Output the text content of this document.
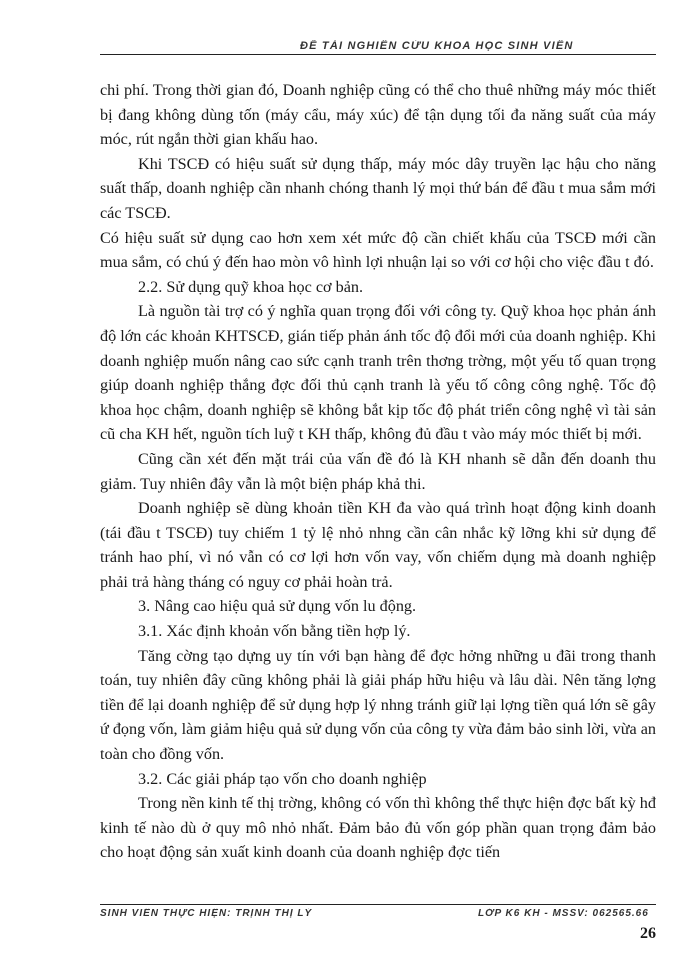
ĐỀ TÀI NGHIÊN CỨU KHOA HỌC SINH VIÊN

chi phí. Trong thời gian đó, Doanh nghiệp cũng có thể cho thuê những máy móc thiết bị đang không dùng tốn (máy cẩu, máy xúc) để tận dụng tối đa năng suất của máy móc, rút ngắn thời gian khấu hao.

Khi TSCĐ có hiệu suất sử dụng thấp, máy móc dây truyền lạc hậu cho năng suất thấp, doanh nghiệp cần nhanh chóng thanh lý mọi thứ bán để đầu t mua sắm mới các TSCĐ.

Có hiệu suất sử dụng cao hơn xem xét mức độ cần chiết khấu của TSCĐ mới cần mua sắm, có chú ý đến hao mòn vô hình lợi nhuận lại so với cơ hội cho việc đầu t đó.

2.2. Sử dụng quỹ khoa học cơ bản.

Là nguồn tài trợ có ý nghĩa quan trọng đối với công ty. Quỹ khoa học phản ánh độ lớn các khoản KHTSCĐ, gián tiếp phản ánh tốc độ đổi mới của doanh nghiệp. Khi doanh nghiệp muốn nâng cao sức cạnh tranh trên thơng trờng, một yếu tố quan trọng giúp doanh nghiệp thắng đợc đối thủ cạnh tranh là yếu tố công công nghệ. Tốc độ khoa học chậm, doanh nghiệp sẽ không bắt kịp tốc độ phát triển công nghệ vì tài sản cũ cha KH hết, nguồn tích luỹ t KH thấp, không đủ đầu t vào máy móc thiết bị mới.

Cũng cần xét đến mặt trái của vấn đề đó là KH nhanh sẽ dẫn đến doanh thu giảm. Tuy nhiên đây vẫn là một biện pháp khả thi.

Doanh nghiệp sẽ dùng khoản tiền KH đa vào quá trình hoạt động kinh doanh (tái đầu t TSCĐ) tuy chiếm 1 tỷ lệ nhỏ nhng cần cân nhắc kỹ lỡng khi sử dụng để tránh hao phí, vì nó vẫn có cơ lợi hơn vốn vay, vốn chiếm dụng mà doanh nghiệp phải trả hàng tháng có nguy cơ phải hoàn trả.

3. Nâng cao hiệu quả sử dụng vốn lu động.

3.1. Xác định khoản vốn bằng tiền hợp lý.

Tăng cờng tạo dựng uy tín với bạn hàng để đợc hởng những u đãi trong thanh toán, tuy nhiên đây cũng không phải là giải pháp hữu hiệu và lâu dài. Nên tăng lợng tiền để lại doanh nghiệp để sử dụng hợp lý nhng tránh giữ lại lợng tiền quá lớn sẽ gây ứ đọng vốn, làm giảm hiệu quả sử dụng vốn của công ty vừa đảm bảo sinh lời, vừa an toàn cho đồng vốn.

3.2. Các giải pháp tạo vốn cho doanh nghiệp

Trong nền kinh tế thị trờng, không có vốn thì không thể thực hiện đợc bất kỳ hđ kinh tế nào dù ở quy mô nhỏ nhất. Đảm bảo đủ vốn góp phần quan trọng đảm bảo cho hoạt động sản xuất kinh doanh của doanh nghiệp đợc tiến

SINH VIÊN THỰC HIỆN: TRỊNH THỊ LÝ	LỚP K6 KH - MSSV: 062565.66
26
